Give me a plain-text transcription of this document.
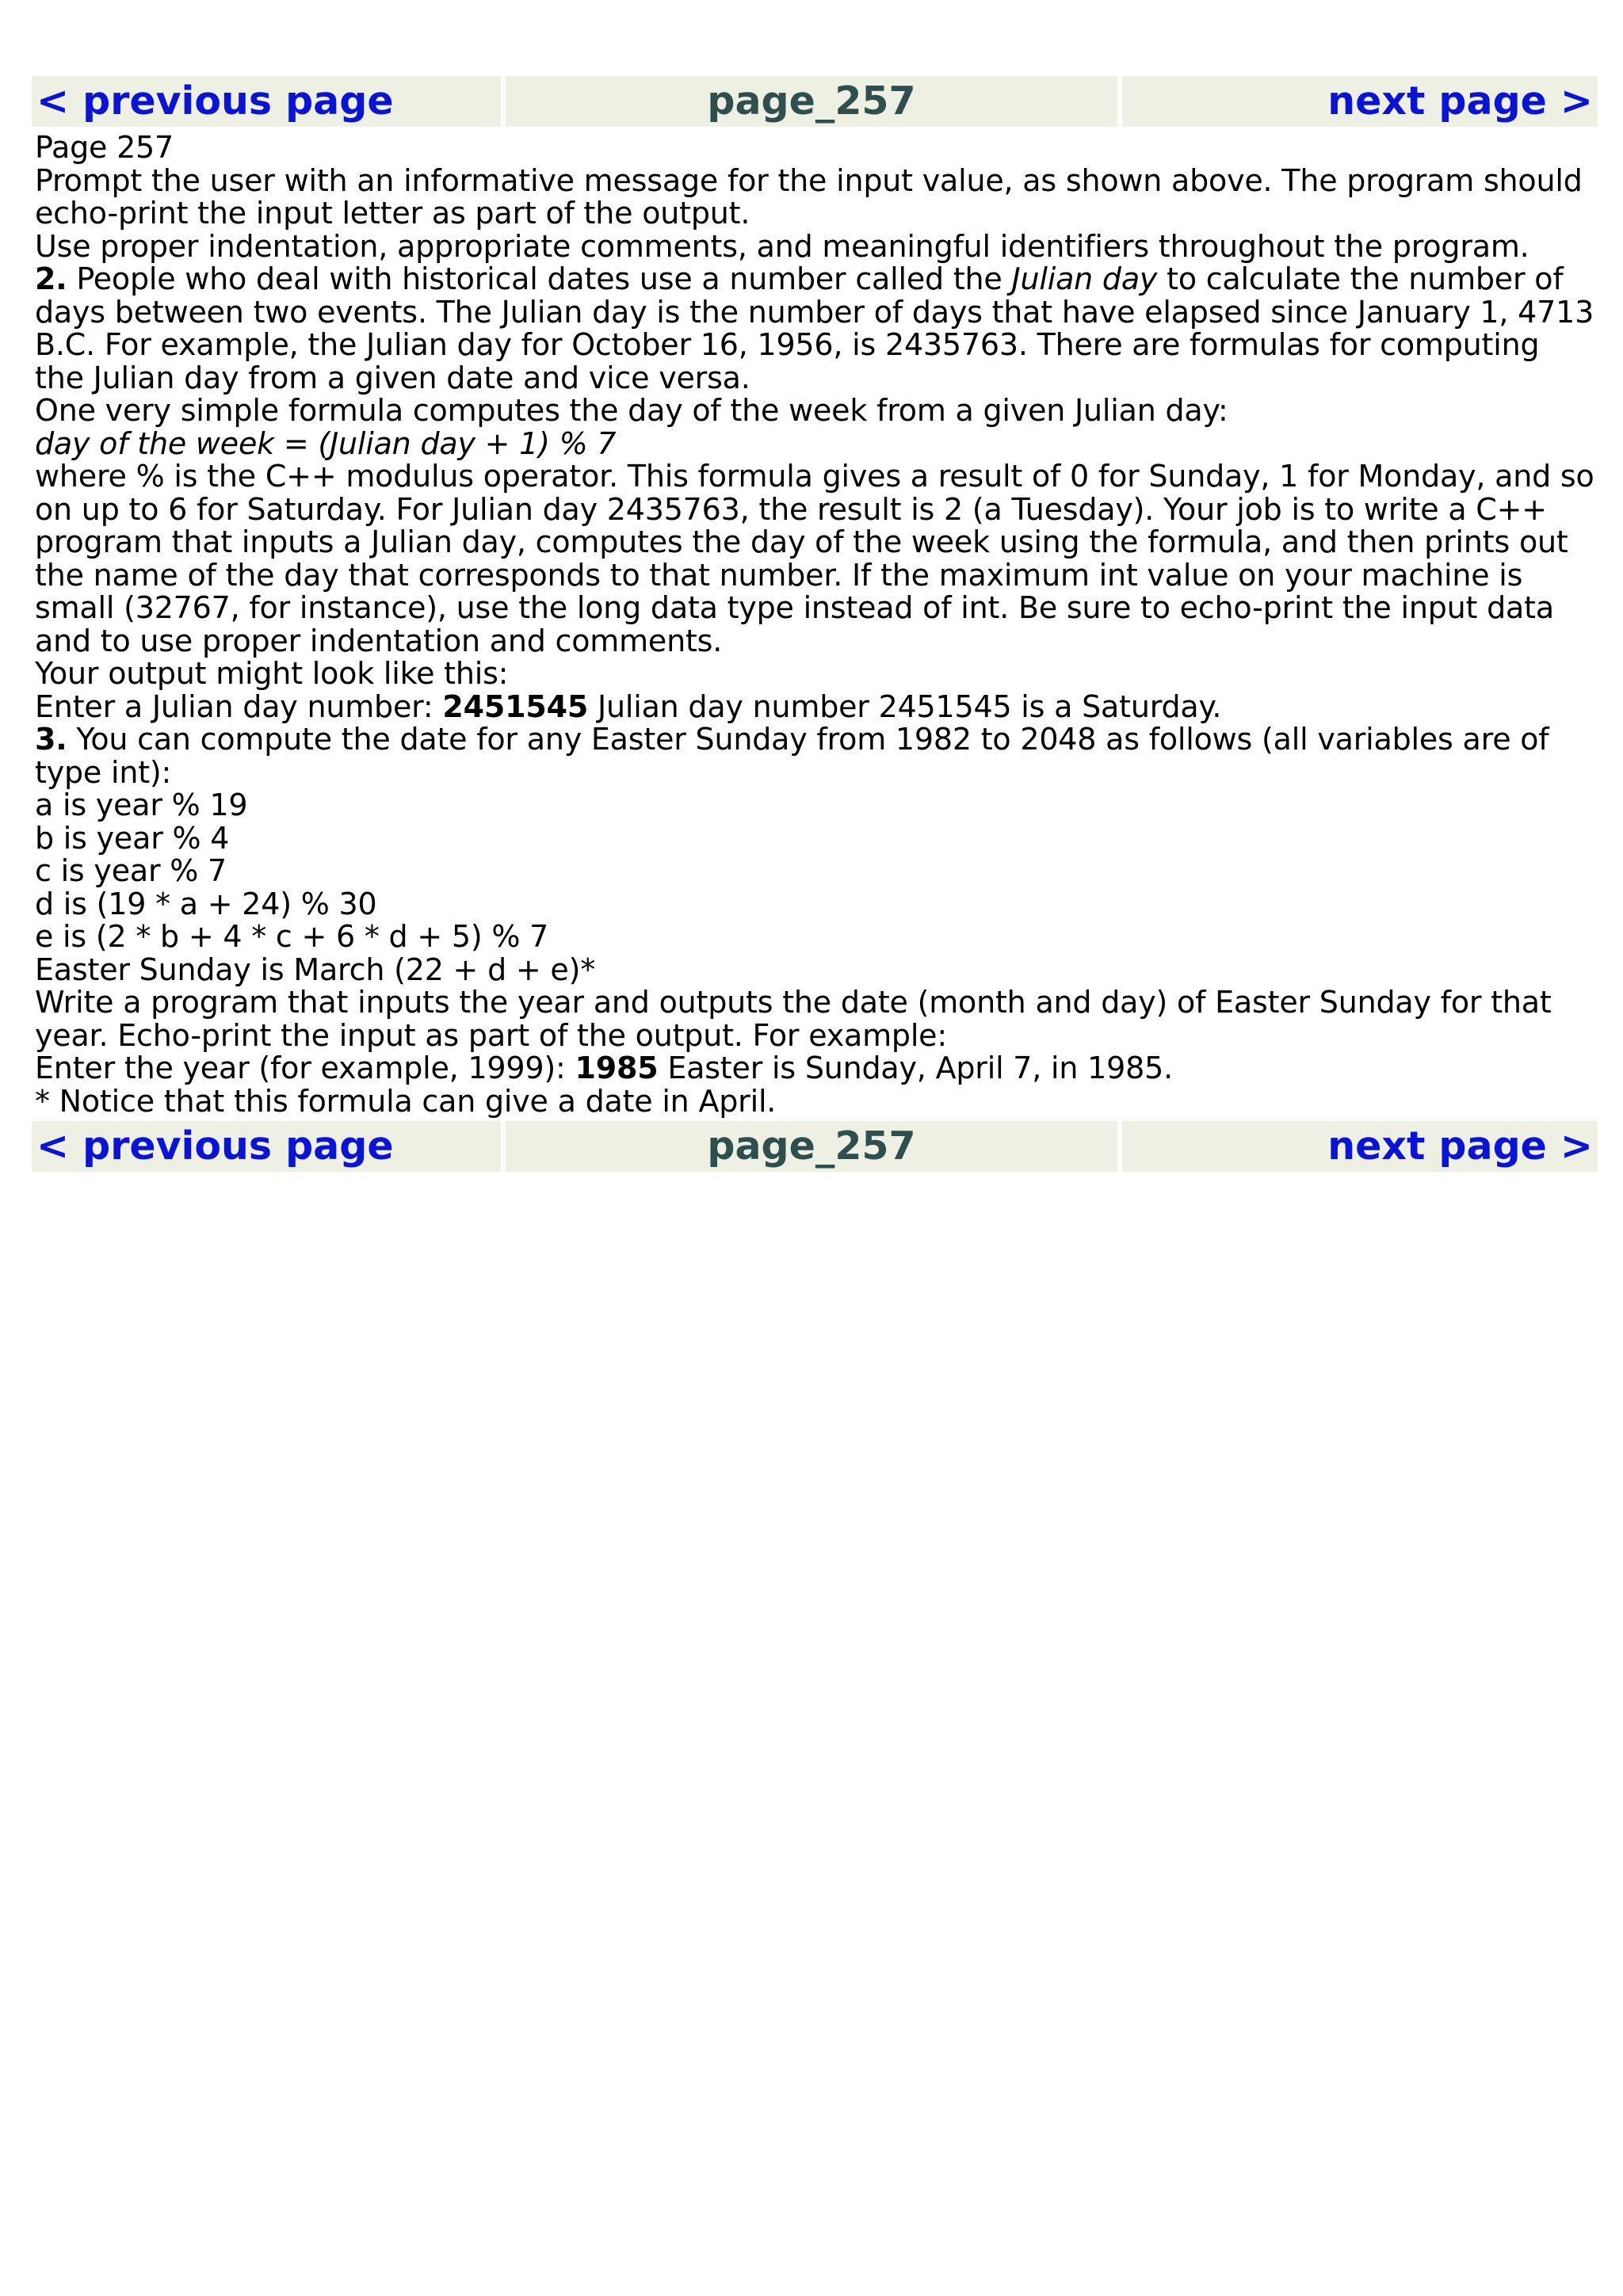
< previous page	page_257	next page >

Page 257

Prompt the user with an informative message for the input value, as shown above. The program should echo-print the input letter as part of the output.

Use proper indentation, appropriate comments, and meaningful identifiers throughout the program.

2. People who deal with historical dates use a number called the Julian day to calculate the number of days between two events. The Julian day is the number of days that have elapsed since January 1, 4713 B.C. For example, the Julian day for October 16, 1956, is 2435763. There are formulas for computing the Julian day from a given date and vice versa.

One very simple formula computes the day of the week from a given Julian day:

day of the week = (Julian day + 1) % 7

where % is the C++ modulus operator. This formula gives a result of 0 for Sunday, 1 for Monday, and so on up to 6 for Saturday. For Julian day 2435763, the result is 2 (a Tuesday). Your job is to write a C++ program that inputs a Julian day, computes the day of the week using the formula, and then prints out the name of the day that corresponds to that number. If the maximum int value on your machine is small (32767, for instance), use the long data type instead of int. Be sure to echo-print the input data and to use proper indentation and comments.

Your output might look like this:

Enter a Julian day number: 2451545 Julian day number 2451545 is a Saturday.

3. You can compute the date for any Easter Sunday from 1982 to 2048 as follows (all variables are of type int):

a is year % 19

b is year % 4

c is year % 7

d is (19 * a + 24) % 30

e is (2 * b + 4 * c + 6 * d + 5) % 7

Easter Sunday is March (22 + d + e)*

Write a program that inputs the year and outputs the date (month and day) of Easter Sunday for that year. Echo-print the input as part of the output. For example:

Enter the year (for example, 1999): 1985 Easter is Sunday, April 7, in 1985.

* Notice that this formula can give a date in April.

< previous page	page_257	next page >
